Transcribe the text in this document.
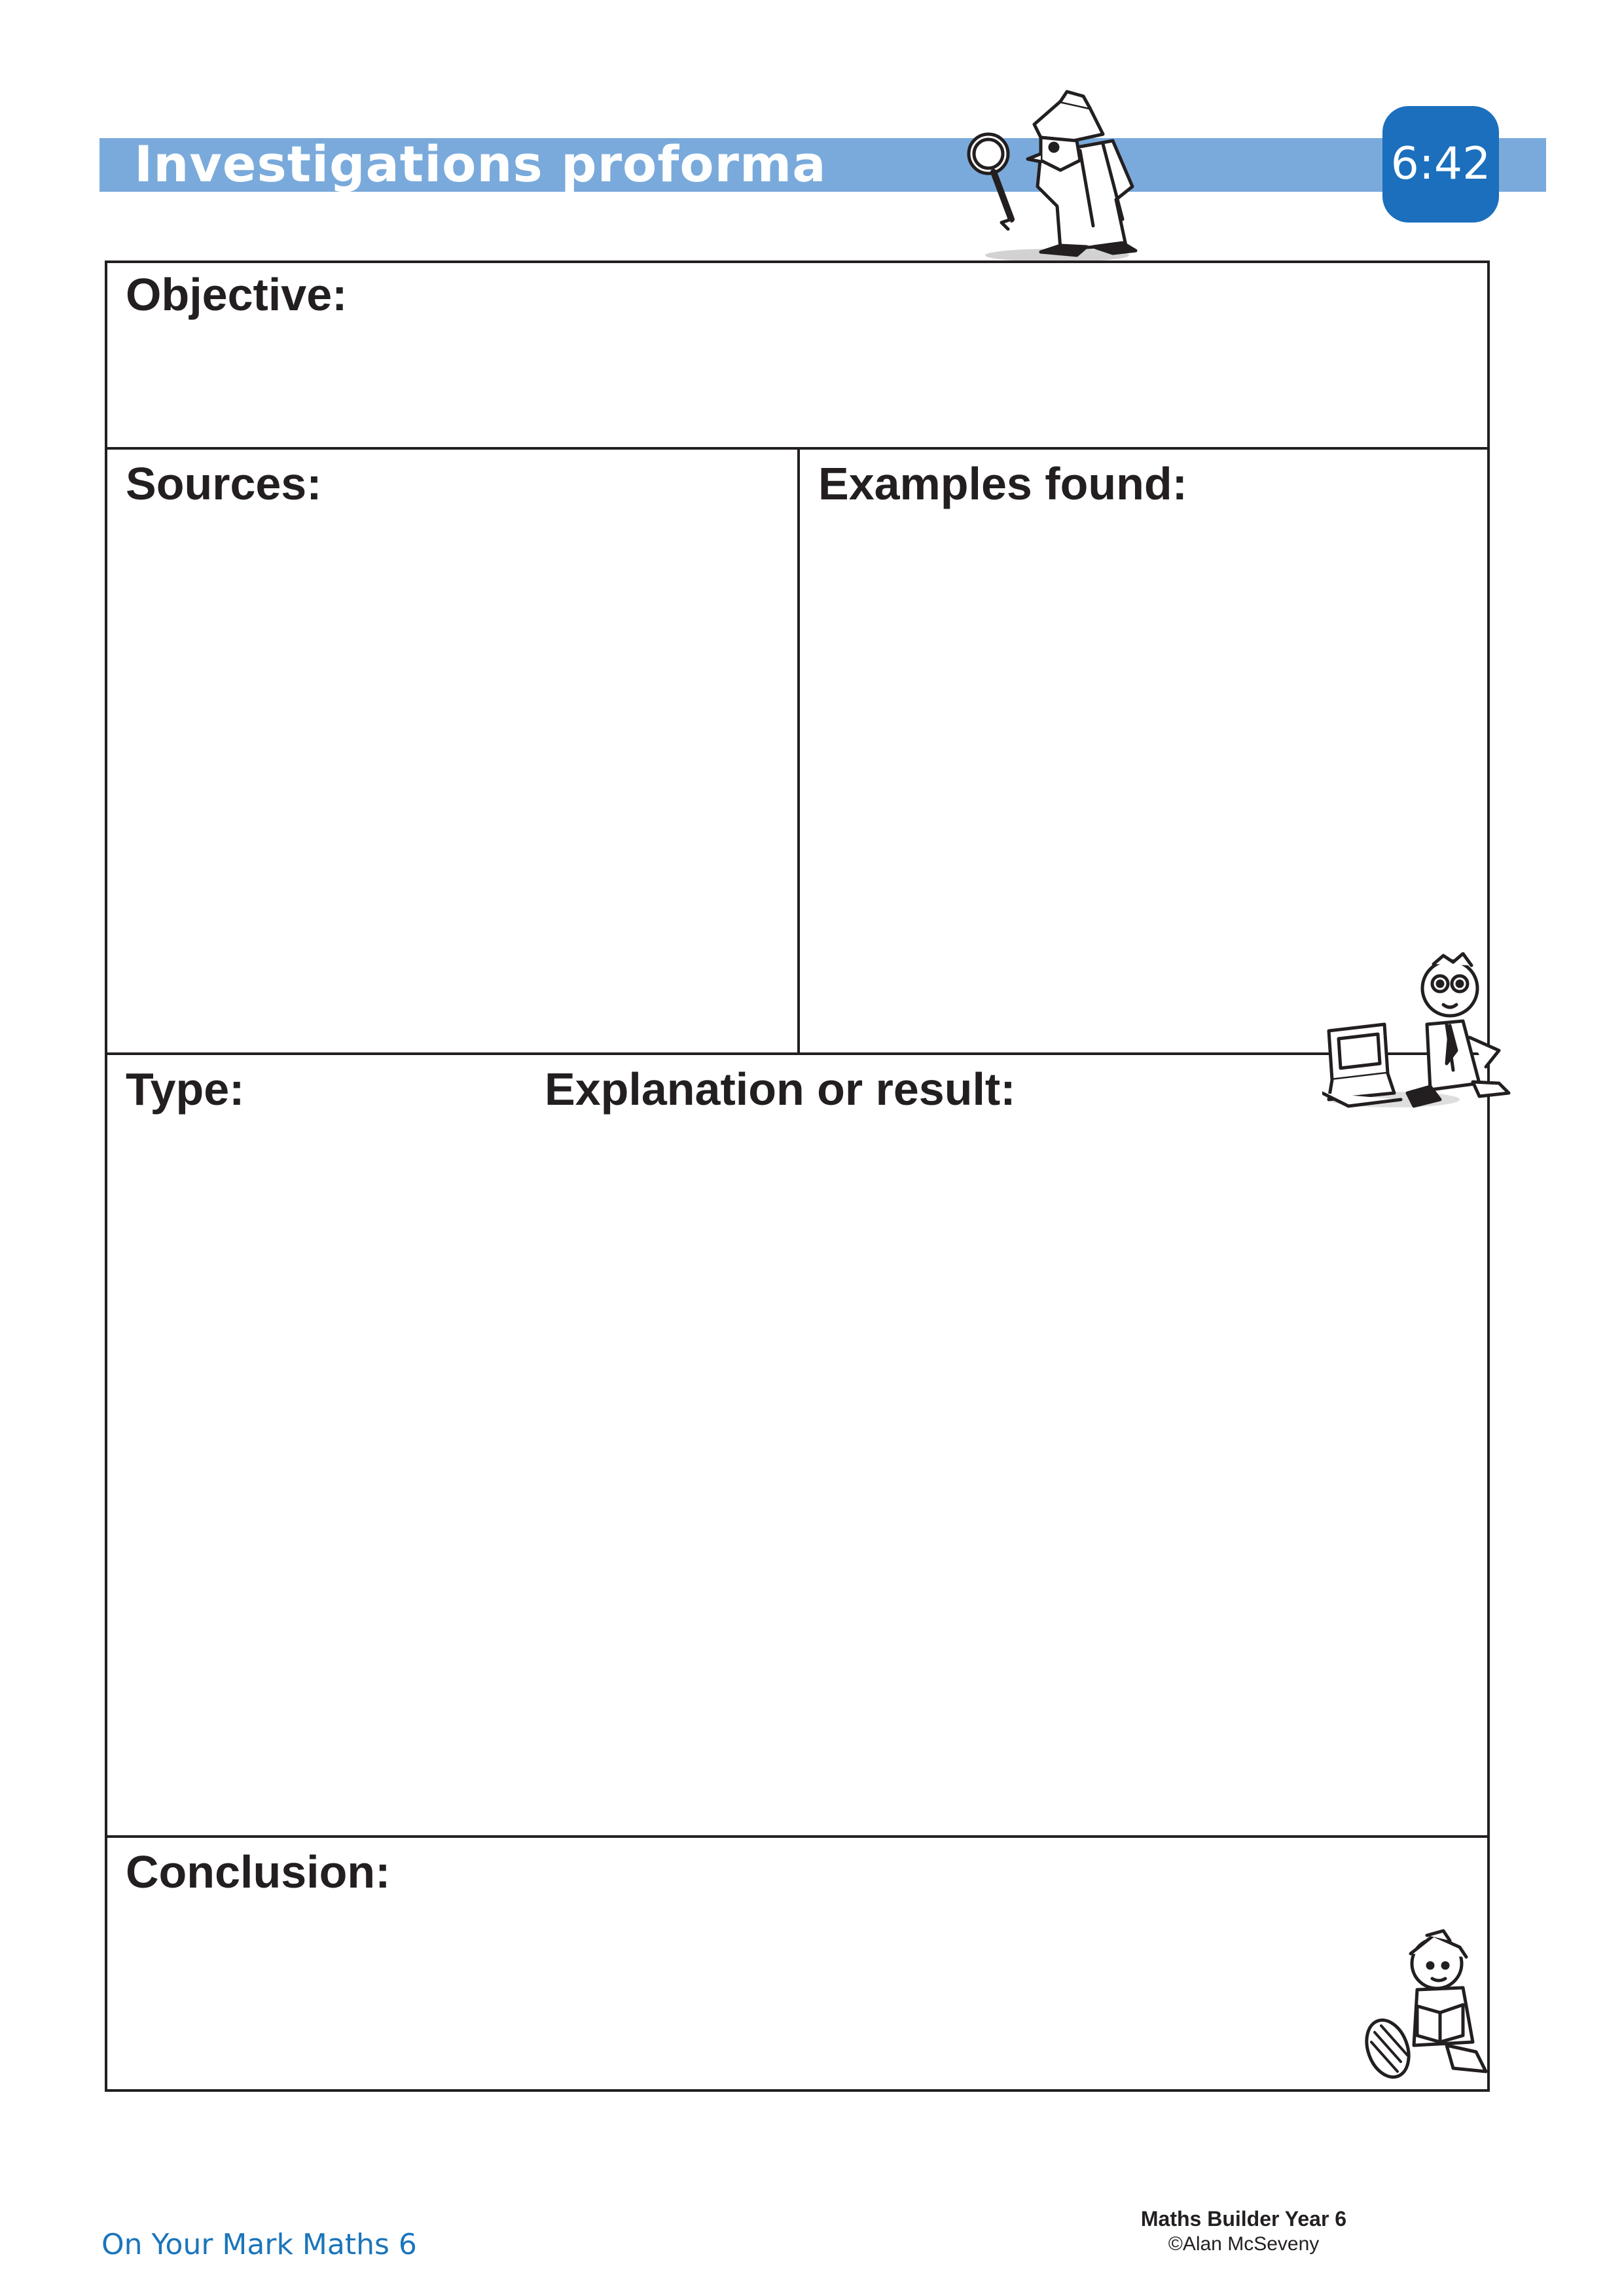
Investigations proforma	6:42
Objective:
Sources:	Examples found:
Type:	Explanation or result:
Conclusion:
On Your Mark Maths 6
Maths Builder Year 6
©Alan McSeveny
